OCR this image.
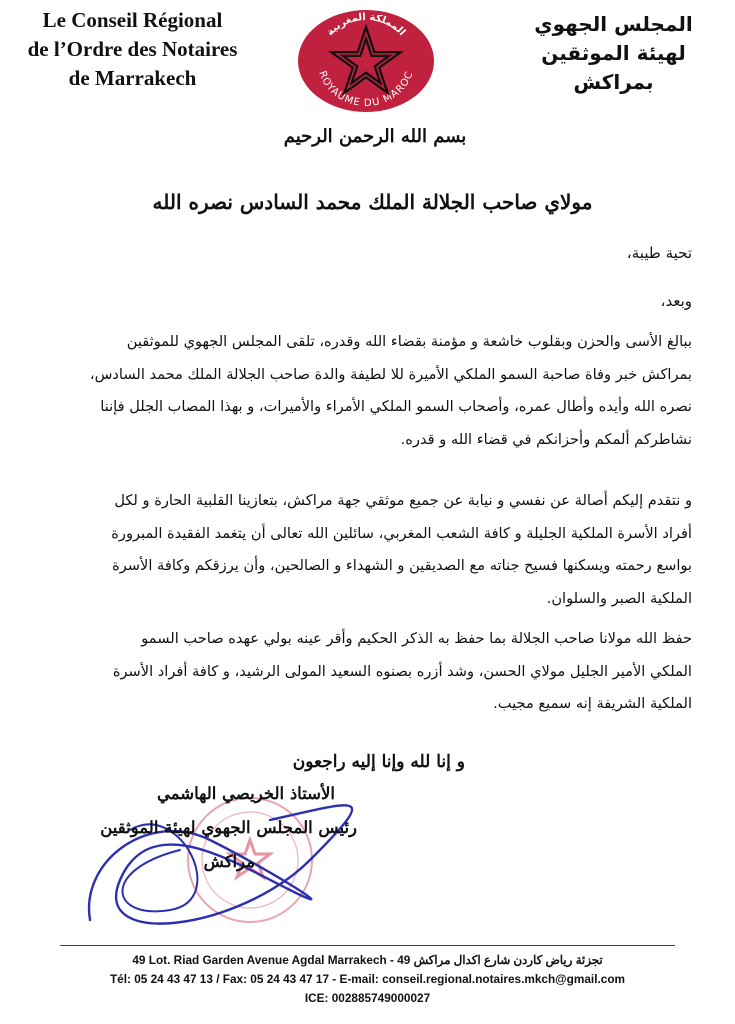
Le Conseil Régional
de l’Ordre des Notaires
de Marrakech
المملكة المغربية
ROYAUME DU MAROC
المجلس الجهوي
لهيئة الموثقين
بمراكش
بسم الله الرحمن الرحيم
مولاي صاحب الجلالة الملك محمد السادس نصره الله
تحية طيبة،
وبعد،
ببالغ الأسى والحزن وبقلوب خاشعة و مؤمنة بقضاء الله وقدره، تلقى المجلس الجهوي للموثقين
بمراكش خبر وفاة صاحبة السمو الملكي الأميرة للا لطيفة والدة صاحب الجلالة الملك محمد السادس،
نصره الله وأيده وأطال عمره، وأصحاب السمو الملكي الأمراء والأميرات، و بهذا المصاب الجلل فإننا
نشاطركم ألمكم وأحزانكم في قضاء الله و قدره.
و نتقدم إليكم أصالة عن نفسي و نيابة عن جميع موثقي جهة مراكش، بتعازينا القلبية الحارة و لكل
أفراد الأسرة الملكية الجليلة و كافة الشعب المغربي، سائلين الله تعالى أن يتغمد الفقيدة المبرورة
بواسع رحمته ويسكنها فسيح جناته مع الصديقين و الشهداء و الصالحين، وأن يرزقكم وكافة الأسرة
الملكية الصبر والسلوان.
حفظ الله مولانا صاحب الجلالة بما حفظ به الذكر الحكيم وأقر عينه بولي عهده صاحب السمو
الملكي الأمير الجليل مولاي الحسن، وشد أزره بصنوه السعيد المولى الرشيد، و كافة أفراد الأسرة
الملكية الشريفة إنه سميع مجيب.
و إنا لله وإنا إليه راجعون
الأستاذ الخريصي الهاشمي
رئيس المجلس الجهوي لهيئة الموثقين
مراكش
49 Lot. Riad Garden Avenue Agdal Marrakech - 49 تجزئة رياض كاردن شارع اكدال مراكش
Tél: 05 24 43 47 13 / Fax: 05 24 43 47 17 - E-mail: conseil.regional.notaires.mkch@gmail.com
ICE: 002885749000027
